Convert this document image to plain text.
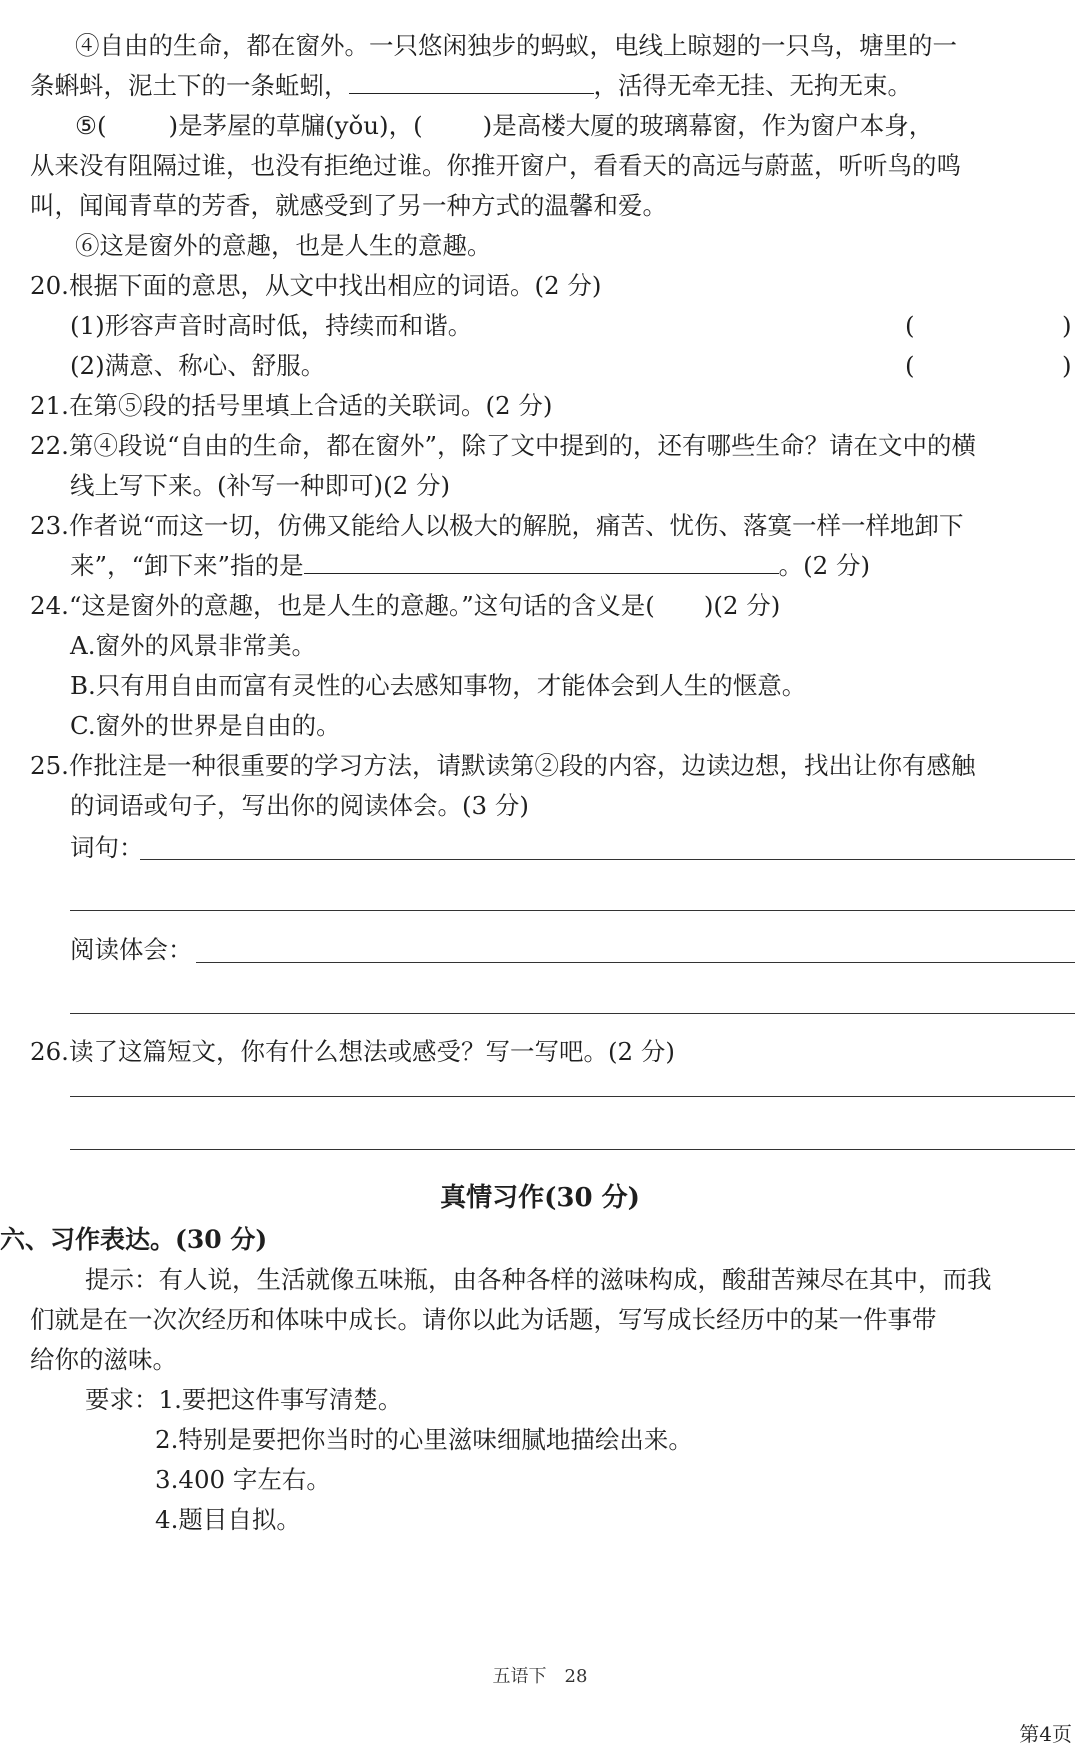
④自由的生命，都在窗外。一只悠闲独步的蚂蚁，电线上晾翅的一只鸟，塘里的一
条蝌蚪，泥土下的一条蚯蚓，	，活得无牵无挂、无拘无束。
⑤(	)是茅屋的草牖(yǒu)，( )是高楼大厦的玻璃幕窗，作为窗户本身，
从来没有阻隔过谁，也没有拒绝过谁。你推开窗户，看看天的高远与蔚蓝，听听鸟的鸣
叫，闻闻青草的芳香，就感受到了另一种方式的温馨和爱。
⑥这是窗外的意趣，也是人生的意趣。
20.根据下面的意思，从文中找出相应的词语。(2 分)
(1)形容声音时高时低，持续而和谐。	(	)
(2)满意、称心、舒服。	(	)
21.在第⑤段的括号里填上合适的关联词。(2 分)
22.第④段说“自由的生命，都在窗外”，除了文中提到的，还有哪些生命？请在文中的横
线上写下来。(补写一种即可)(2 分)
23.作者说“而这一切，仿佛又能给人以极大的解脱，痛苦、忧伤、落寞一样一样地卸下
来”，“卸下来”指的是	。(2 分)
24.“这是窗外的意趣，也是人生的意趣。”这句话的含义是(　　)(2 分)
A.窗外的风景非常美。
B.只有用自由而富有灵性的心去感知事物，才能体会到人生的惬意。
C.窗外的世界是自由的。
25.作批注是一种很重要的学习方法，请默读第②段的内容，边读边想，找出让你有感触
的词语或句子，写出你的阅读体会。(3 分)
词句：
阅读体会：
26.读了这篇短文，你有什么想法或感受？写一写吧。(2 分)
真情习作(30 分)
六、习作表达。(30 分)
提示：有人说，生活就像五味瓶，由各种各样的滋味构成，酸甜苦辣尽在其中，而我
们就是在一次次经历和体味中成长。请你以此为话题，写写成长经历中的某一件事带
给你的滋味。
要求：1.要把这件事写清楚。
2.特别是要把你当时的心里滋味细腻地描绘出来。
3.400 字左右。
4.题目自拟。
五语下　28
第4页
